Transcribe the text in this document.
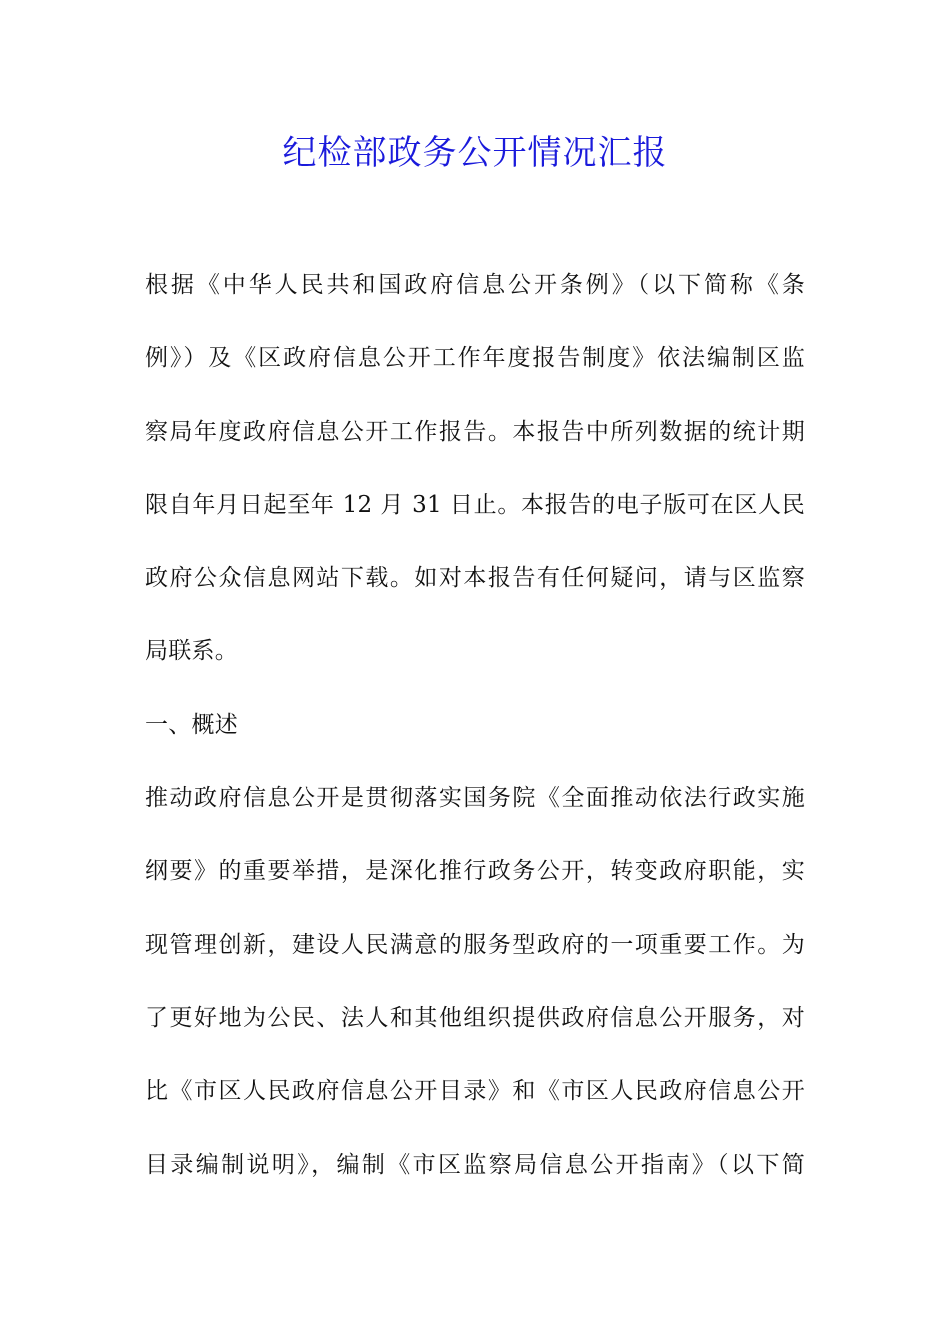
纪检部政务公开情况汇报
根据《中华人民共和国政府信息公开条例》（以下简称《条
例》）及《区政府信息公开工作年度报告制度》依法编制区监
察局年度政府信息公开工作报告。本报告中所列数据的统计期
限自年月日起至年 12 月 31 日止。本报告的电子版可在区人民
政府公众信息网站下载。如对本报告有任何疑问，请与区监察
局联系。
一、概述
推动政府信息公开是贯彻落实国务院《全面推动依法行政实施
纲要》的重要举措，是深化推行政务公开，转变政府职能，实
现管理创新，建设人民满意的服务型政府的一项重要工作。为
了更好地为公民、法人和其他组织提供政府信息公开服务，对
比《市区人民政府信息公开目录》和《市区人民政府信息公开
目录编制说明》，编制《市区监察局信息公开指南》（以下简
